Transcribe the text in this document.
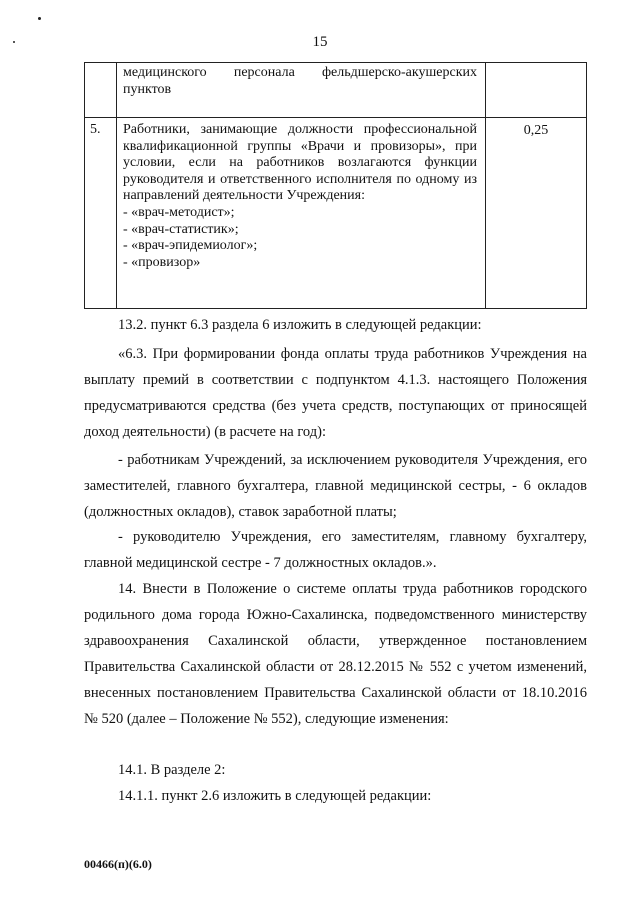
15
	медицинского персонала фельдшерско-акушерских пунктов	
5.	Работники, занимающие должности профессиональной квалификационной группы «Врачи и провизоры», при условии, если на работников возлагаются функции руководителя и ответственного исполнителя по одному из направлений деятельности Учреждения:
- «врач-методист»;
- «врач-статистик»;
- «врач-эпидемиолог»;
- «провизор»	0,25

13.2. пункт 6.3 раздела 6 изложить в следующей редакции:

«6.3. При формировании фонда оплаты труда работников Учреждения на выплату премий в соответствии с подпунктом 4.1.3. настоящего Положения предусматриваются средства (без учета средств, поступающих от приносящей доход деятельности) (в расчете на год):

- работникам Учреждений, за исключением руководителя Учреждения, его заместителей, главного бухгалтера, главной медицинской сестры, - 6 окладов (должностных окладов), ставок заработной платы;

- руководителю Учреждения, его заместителям, главному бухгалтеру, главной медицинской сестре - 7 должностных окладов.».

14. Внести в Положение о системе оплаты труда работников городского родильного дома города Южно-Сахалинска, подведомственного министерству здравоохранения Сахалинской области, утвержденное постановлением Правительства Сахалинской области от 28.12.2015 № 552 с учетом изменений, внесенных постановлением Правительства Сахалинской области от 18.10.2016 № 520 (далее – Положение № 552), следующие изменения:

14.1. В разделе 2:

14.1.1. пункт 2.6 изложить в следующей редакции:

00466(п)(6.0)
